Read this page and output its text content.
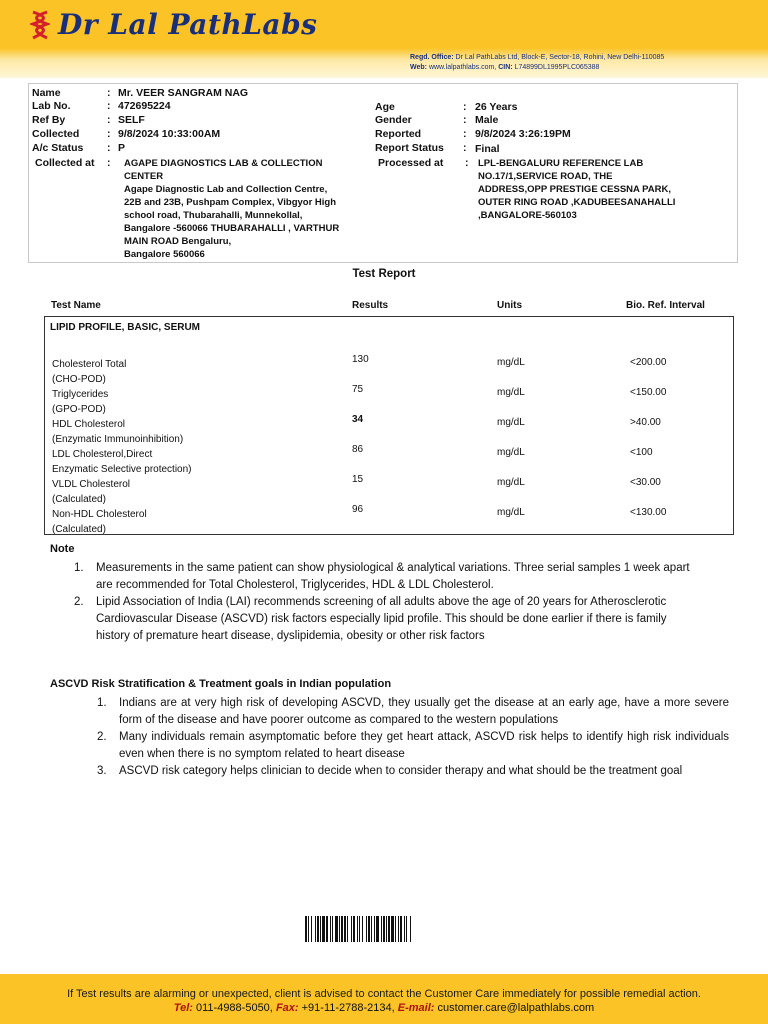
Dr Lal PathLabs
Regd. Office: Dr Lal PathLabs Ltd, Block-E, Sector-18, Rohini, New Delhi-110085
Web: www.lalpathlabs.com, CIN: L74899DL1995PLC065388
Name	: Mr. VEER SANGRAM NAG
Lab No.	: 472695224
Ref By	: SELF
Collected	: 9/8/2024 10:33:00AM
A/c Status : P
Collected at : AGAPE DIAGNOSTICS LAB & COLLECTION
CENTER
Agape Diagnostic Lab and Collection Centre,
22B and 23B, Pushpam Complex, Vibgyor High
school road, Thubarahalli, Munnekollal,
Bangalore -560066 THUBARAHALLI , VARTHUR
MAIN ROAD Bengaluru,
Bangalore 560066
Age	: 26 Years
Gender	: Male
Reported	: 9/8/2024 3:26:19PM
Report Status : Final
Processed at : LPL-BENGALURU REFERENCE LAB
NO.17/1,SERVICE ROAD, THE
ADDRESS,OPP PRESTIGE CESSNA PARK,
OUTER RING ROAD ,KADUBEESANAHALLI
,BANGALORE-560103
Test Report
Test Name	Results	Units	Bio. Ref. Interval
LIPID PROFILE, BASIC, SERUM
Cholesterol Total
(CHO-POD)
130	mg/dL	<200.00
Triglycerides
(GPO-POD)
75	mg/dL	<150.00
HDL Cholesterol
(Enzymatic Immunoinhibition)
34	mg/dL	>40.00
LDL Cholesterol,Direct
Enzymatic Selective protection)
86	mg/dL	<100
VLDL Cholesterol
(Calculated)
15	mg/dL	<30.00
Non-HDL Cholesterol
(Calculated)
96	mg/dL	<130.00
Note
1. Measurements in the same patient can show physiological & analytical variations. Three serial samples 1 week apart are recommended for Total Cholesterol, Triglycerides, HDL & LDL Cholesterol.
2. Lipid Association of India (LAI) recommends screening of all adults above the age of 20 years for Atherosclerotic Cardiovascular Disease (ASCVD) risk factors especially lipid profile. This should be done earlier if there is family history of premature heart disease, dyslipidemia, obesity or other risk factors
ASCVD Risk Stratification & Treatment goals in Indian population
1. Indians are at very high risk of developing ASCVD, they usually get the disease at an early age, have a more severe form of the disease and have poorer outcome as compared to the western populations
2. Many individuals remain asymptomatic before they get heart attack, ASCVD risk helps to identify high risk individuals even when there is no symptom related to heart disease
3. ASCVD risk category helps clinician to decide when to consider therapy and what should be the treatment goal
If Test results are alarming or unexpected, client is advised to contact the Customer Care immediately for possible remedial action.
Tel: 011-4988-5050, Fax: +91-11-2788-2134, E-mail: customer.care@lalpathlabs.com
